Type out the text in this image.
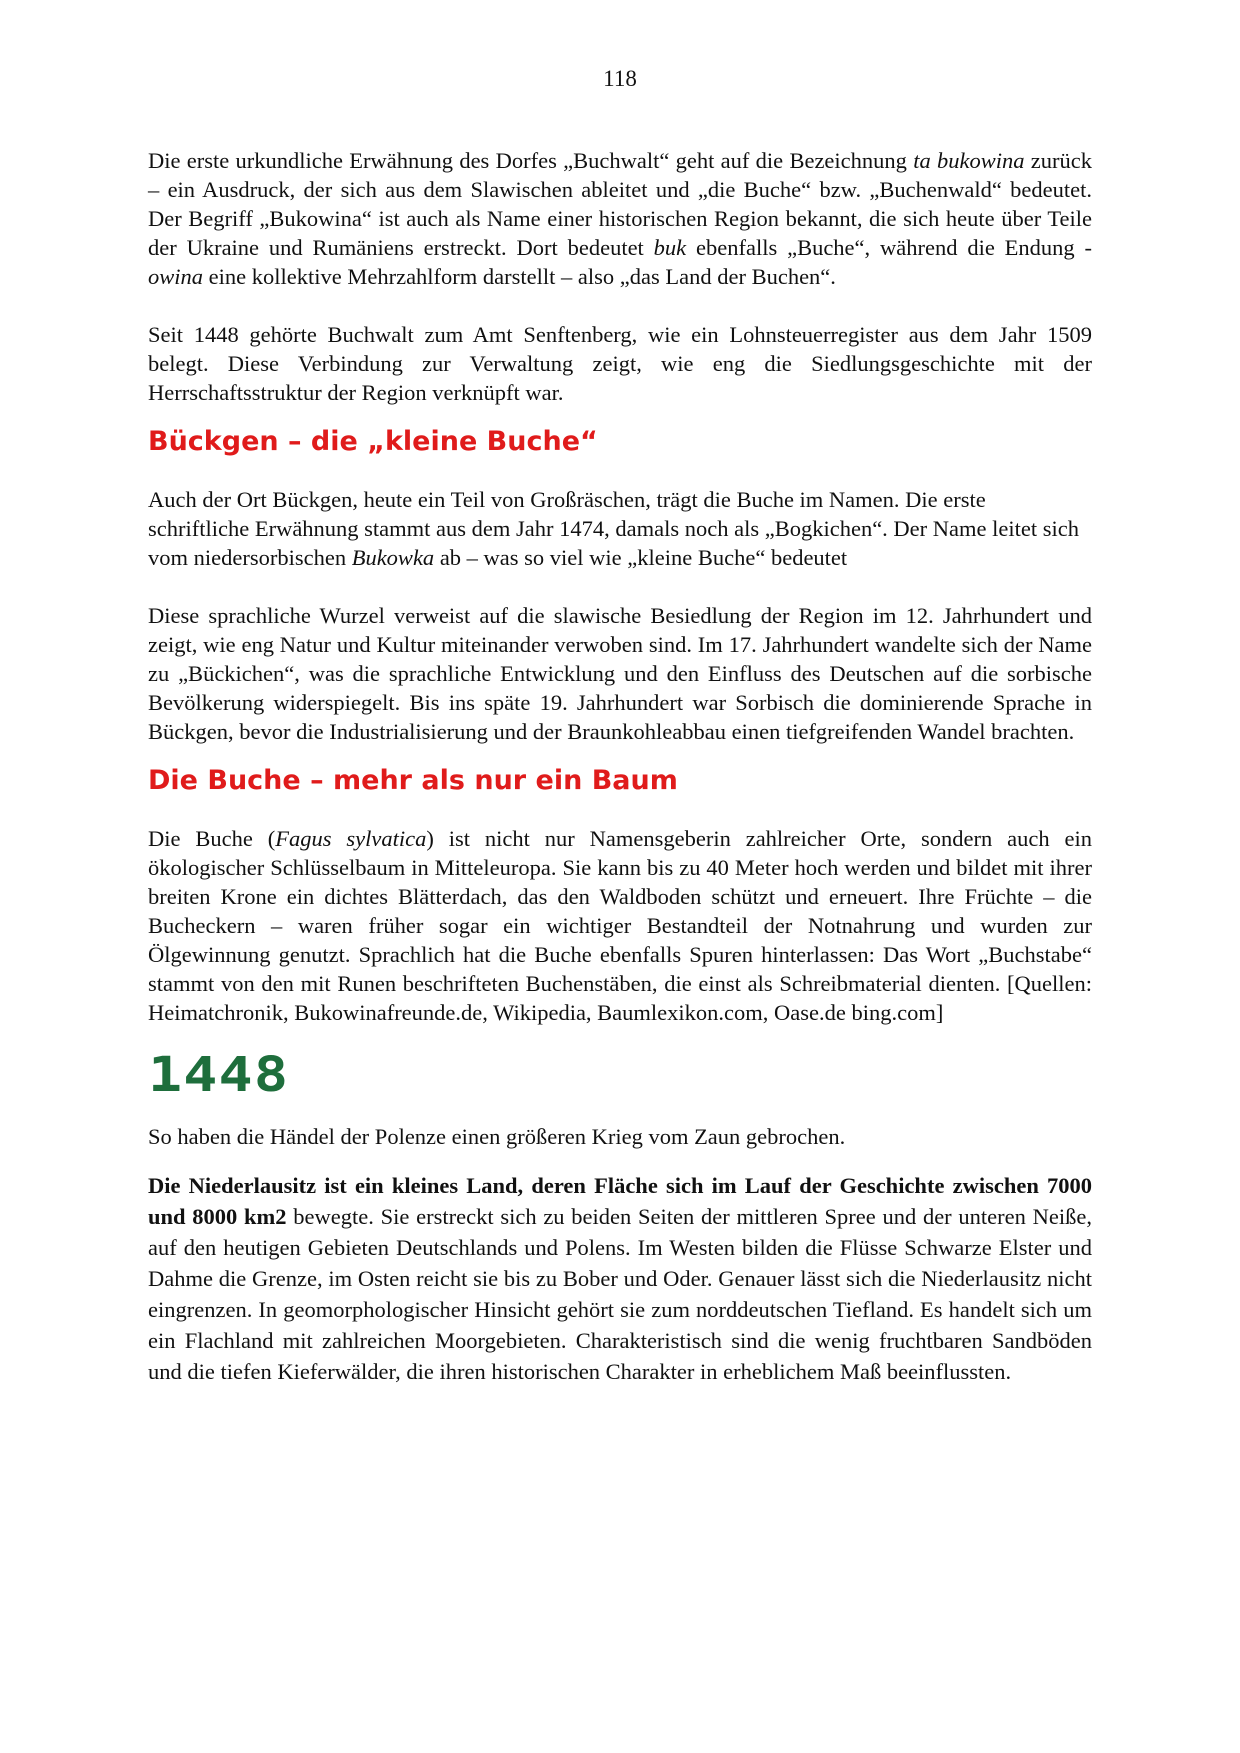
118

Die erste urkundliche Erwähnung des Dorfes „Buchwalt“ geht auf die Bezeichnung ta bukowina zurück – ein Ausdruck, der sich aus dem Slawischen ableitet und „die Buche“ bzw. „Buchenwald“ bedeutet. Der Begriff „Bukowina“ ist auch als Name einer historischen Region bekannt, die sich heute über Teile der Ukraine und Rumäniens erstreckt. Dort bedeutet buk ebenfalls „Buche“, während die Endung -owina eine kollektive Mehrzahlform darstellt – also „das Land der Buchen“.

Seit 1448 gehörte Buchwalt zum Amt Senftenberg, wie ein Lohnsteuerregister aus dem Jahr 1509 belegt. Diese Verbindung zur Verwaltung zeigt, wie eng die Siedlungsgeschichte mit der Herrschaftsstruktur der Region verknüpft war.

Bückgen – die „kleine Buche“

Auch der Ort Bückgen, heute ein Teil von Großräschen, trägt die Buche im Namen. Die erste schriftliche Erwähnung stammt aus dem Jahr 1474, damals noch als „Bogkichen“. Der Name leitet sich vom niedersorbischen Bukowka ab – was so viel wie „kleine Buche“ bedeutet

Diese sprachliche Wurzel verweist auf die slawische Besiedlung der Region im 12. Jahrhundert und zeigt, wie eng Natur und Kultur miteinander verwoben sind. Im 17. Jahrhundert wandelte sich der Name zu „Bückichen“, was die sprachliche Entwicklung und den Einfluss des Deutschen auf die sorbische Bevölkerung widerspiegelt. Bis ins späte 19. Jahrhundert war Sorbisch die dominierende Sprache in Bückgen, bevor die Industrialisierung und der Braunkohleabbau einen tiefgreifenden Wandel brachten.

Die Buche – mehr als nur ein Baum

Die Buche (Fagus sylvatica) ist nicht nur Namensgeberin zahlreicher Orte, sondern auch ein ökologischer Schlüsselbaum in Mitteleuropa. Sie kann bis zu 40 Meter hoch werden und bildet mit ihrer breiten Krone ein dichtes Blätterdach, das den Waldboden schützt und erneuert. Ihre Früchte – die Bucheckern – waren früher sogar ein wichtiger Bestandteil der Notnahrung und wurden zur Ölgewinnung genutzt. Sprachlich hat die Buche ebenfalls Spuren hinterlassen: Das Wort „Buchstabe“ stammt von den mit Runen beschrifteten Buchenstäben, die einst als Schreibmaterial dienten. [Quellen: Heimatchronik, Bukowinafreunde.de, Wikipedia, Baumlexikon.com, Oase.de bing.com]

1448

So haben die Händel der Polenze einen größeren Krieg vom Zaun gebrochen.

Die Niederlausitz ist ein kleines Land, deren Fläche sich im Lauf der Geschichte zwischen 7000 und 8000 km2 bewegte. Sie erstreckt sich zu beiden Seiten der mittleren Spree und der unteren Neiße, auf den heutigen Gebieten Deutschlands und Polens. Im Westen bilden die Flüsse Schwarze Elster und Dahme die Grenze, im Osten reicht sie bis zu Bober und Oder. Genauer lässt sich die Niederlausitz nicht eingrenzen. In geomorphologischer Hinsicht gehört sie zum norddeutschen Tiefland. Es handelt sich um ein Flachland mit zahlreichen Moorgebieten. Charakteristisch sind die wenig fruchtbaren Sandböden und die tiefen Kieferwälder, die ihren historischen Charakter in erheblichem Maß beeinflussten.
